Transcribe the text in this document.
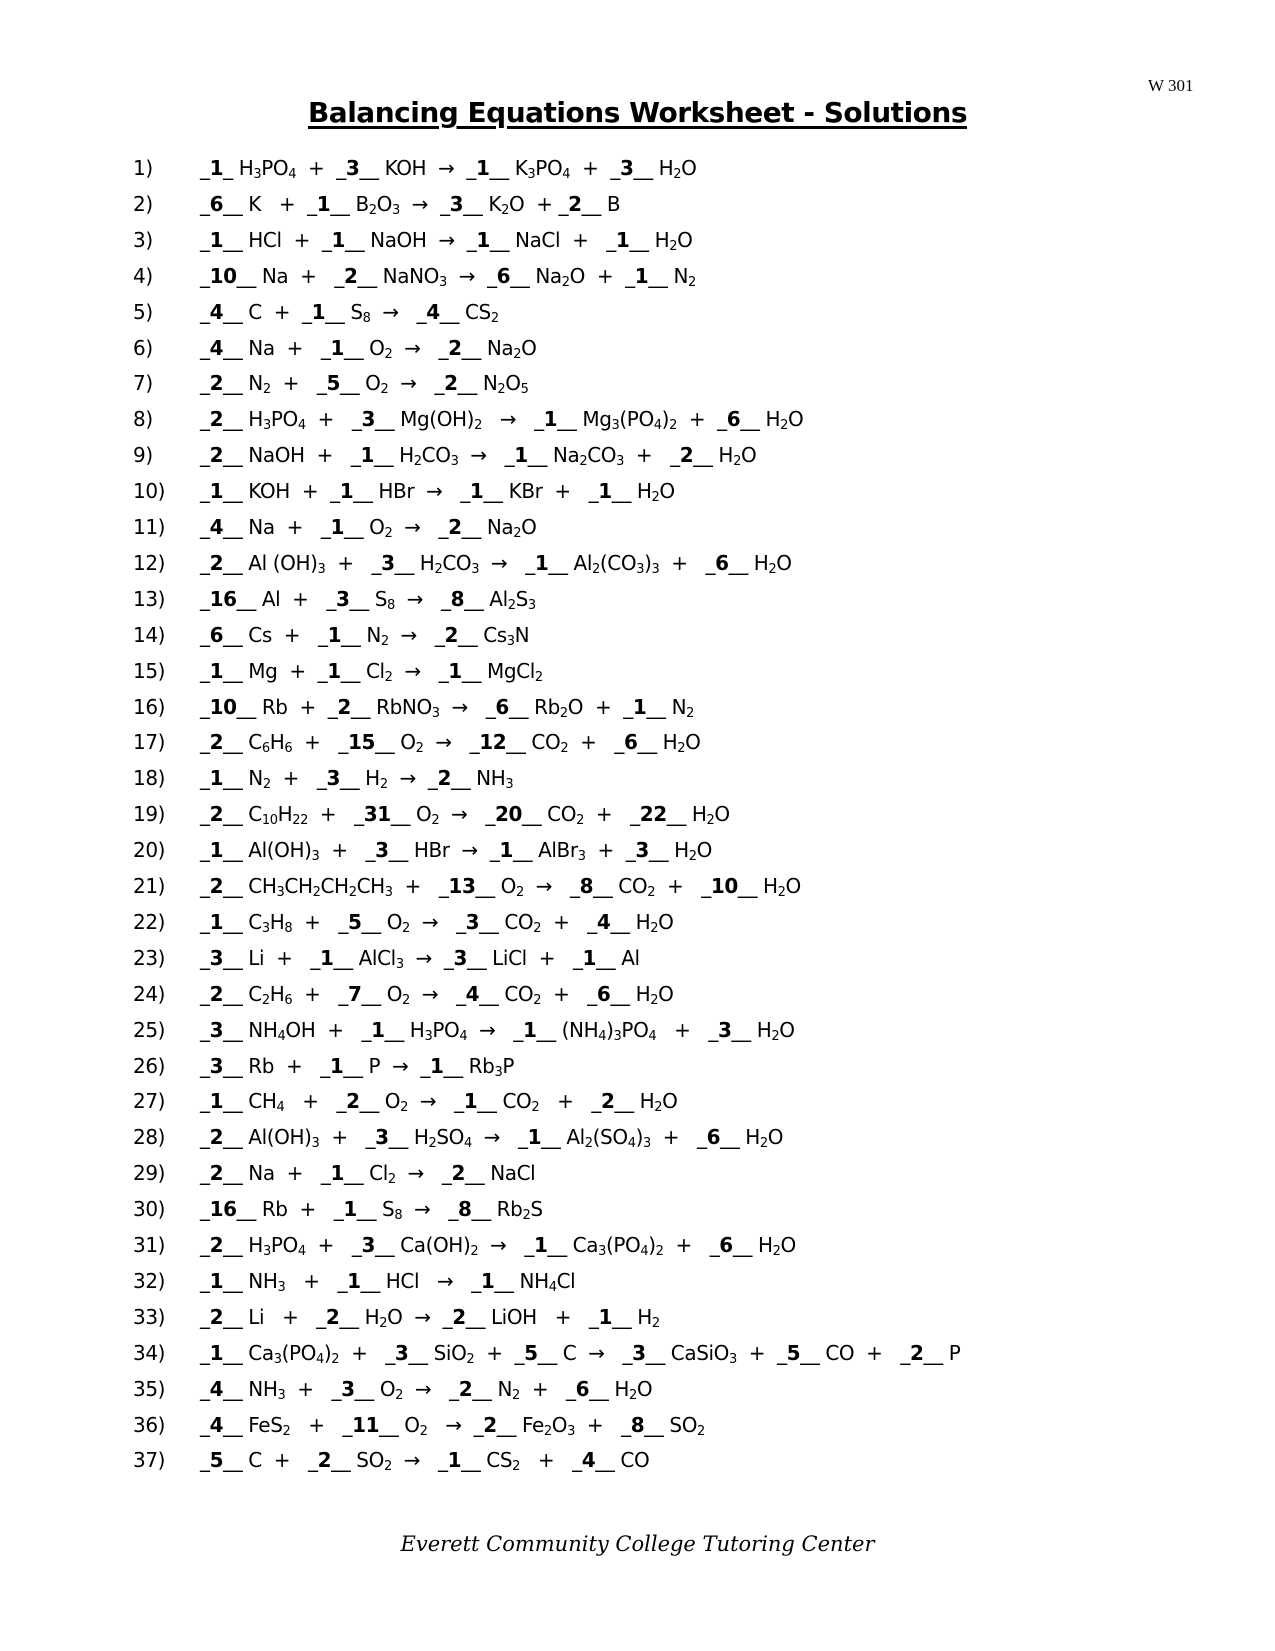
W 301
Balancing Equations Worksheet - Solutions
1)	_1_ $H_3PO_4$  +  _3__ KOH  →  _1__ $K_3PO_4$  +  _3__ $H_2O$
2)	_6__ K   +  _1__ $B_2O_3$  →  _3__ $K_2O$  + _2__ B
3)	_1__ HCl  +  _1__ NaOH  →  _1__ NaCl  +   _1__ $H_2O$
4)	_10__ Na  +   _2__ NaNO$_3$  →  _6__ $Na_2O$  +  _1__ $N_2$
5)	_4__ C  +  _1__ $S_8$  →   _4__ $CS_2$
6)	_4__ Na  +   _1__ $O_2$  →   _2__ $Na_2O$
7)	_2__ $N_2$  +   _5__ $O_2$  →   _2__ $N_2O_5$
8)	_2__ $H_3PO_4$  +   _3__ $Mg(OH)_2$   →   _1__ $Mg_3(PO_4)_2$  +  _6__ $H_2O$
9)	_2__ NaOH  +   _1__ $H_2CO_3$  →   _1__ $Na_2CO_3$  +   _2__ $H_2O$
10)	_1__ KOH  +  _1__ HBr  →   _1__ KBr  +   _1__ $H_2O$
11)	_4__ Na  +   _1__ $O_2$  →   _2__ $Na_2O$
12)	_2__ Al $(OH)_3$  +   _3__ $H_2CO_3$  →   _1__ $Al_2(CO_3)_3$  +   _6__ $H_2O$
13)	_16__ Al  +   _3__ $S_8$  →   _8__ $Al_2S_3$
14)	_6__ Cs  +   _1__ $N_2$  →   _2__ $Cs_3N$
15)	_1__ Mg  +  _1__ $Cl_2$  →   _1__ MgCl$_2$
16)	_10__ Rb  +  _2__ RbNO$_3$  →   _6__ $Rb_2O$  +  _1__ $N_2$
17)	_2__ $C_6H_6$  +   _15__ $O_2$  →   _12__ $CO_2$  +   _6__ $H_2O$
18)	_1__ $N_2$  +   _3__ $H_2$  →  _2__ $NH_3$
19)	_2__ $C_{10}H_{22}$  +   _31__ $O_2$  →   _20__ $CO_2$  +   _22__ $H_2O$
20)	_1__ $Al(OH)_3$  +   _3__ HBr  →  _1__ AlBr$_3$  +  _3__ $H_2O$
21)	_2__ $CH_3CH_2CH_2CH_3$  +   _13__ $O_2$  →   _8__ $CO_2$  +   _10__ $H_2O$
22)	_1__ $C_3H_8$  +   _5__ $O_2$  →   _3__ $CO_2$  +   _4__ $H_2O$
23)	_3__ Li  +   _1__ AlCl$_3$  →  _3__ LiCl  +   _1__ Al
24)	_2__ $C_2H_6$  +   _7__ $O_2$  →   _4__ $CO_2$  +   _6__ $H_2O$
25)	_3__ $NH_4OH$  +   _1__ $H_3PO_4$  →   _1__ $(NH_4)_3PO_4$   +   _3__ $H_2O$
26)	_3__ Rb  +   _1__ P  →  _1__ $Rb_3P$
27)	_1__ $CH_4$   +   _2__ $O_2$  →   _1__ $CO_2$   +   _2__ $H_2O$
28)	_2__ $Al(OH)_3$  +   _3__ $H_2SO_4$  →   _1__ $Al_2(SO_4)_3$  +   _6__ $H_2O$
29)	_2__ Na  +   _1__ $Cl_2$  →   _2__ NaCl
30)	_16__ Rb  +   _1__ $S_8$  →   _8__ $Rb_2S$
31)	_2__ $H_3PO_4$  +   _3__ $Ca(OH)_2$  →   _1__ $Ca_3(PO_4)_2$  +   _6__ $H_2O$
32)	_1__ $NH_3$   +   _1__ HCl   →   _1__ $NH_4Cl$
33)	_2__ Li   +   _2__ $H_2O$  →  _2__ LiOH   +   _1__ $H_2$
34)	_1__ $Ca_3(PO_4)_2$  +   _3__ SiO$_2$  +  _5__ C  →   _3__ CaSiO$_3$  +  _5__ CO  +   _2__ P
35)	_4__ $NH_3$  +   _3__ $O_2$  →   _2__ $N_2$  +   _6__ $H_2O$
36)	_4__ FeS$_2$   +   _11__ $O_2$   →  _2__ $Fe_2O_3$  +   _8__ $SO_2$
37)	_5__ C  +   _2__ $SO_2$  →   _1__ $CS_2$   +   _4__ CO
Everett Community College Tutoring Center
